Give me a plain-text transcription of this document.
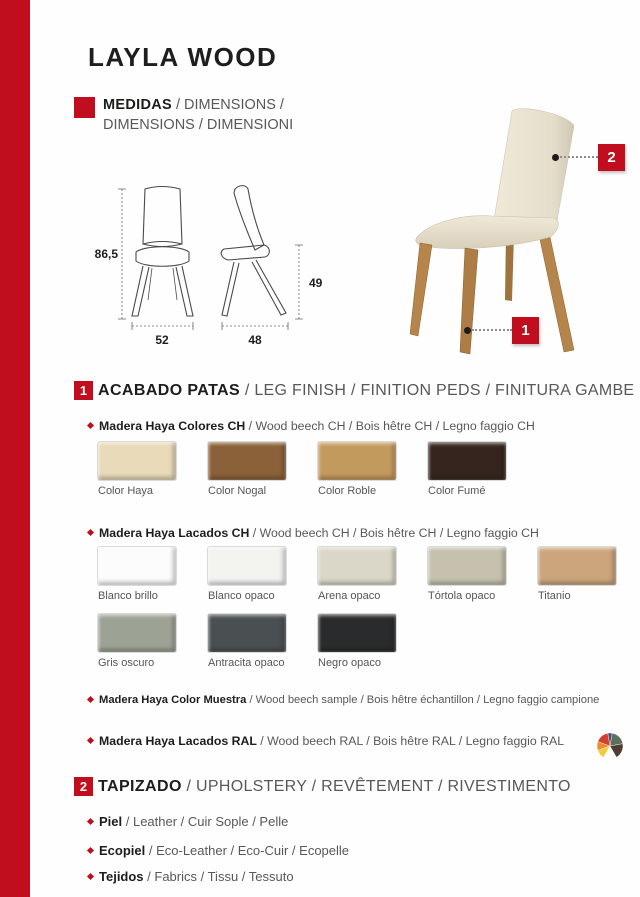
LAYLA WOOD
MEDIDAS / DIMENSIONS /
DIMENSIONS / DIMENSIONI
86,5
52	48
49
2
1
1 ACABADO PATAS / LEG FINISH / FINITION PEDS / FINITURA GAMBE
Madera Haya Colores CH / Wood beech CH / Bois hêtre CH / Legno faggio CH
Color Haya	Color Nogal	Color Roble	Color Fumé
Madera Haya Lacados CH / Wood beech CH / Bois hêtre CH / Legno faggio CH
Blanco brillo	Blanco opaco	Arena opaco	Tórtola opaco	Titanio
Gris oscuro	Antracita opaco	Negro opaco
Madera Haya Color Muestra / Wood beech sample / Bois hêtre échantillon / Legno faggio campione
Madera Haya Lacados RAL / Wood beech RAL / Bois hêtre RAL / Legno faggio RAL
2 TAPIZADO / UPHOLSTERY / REVÊTEMENT / RIVESTIMENTO
Piel / Leather / Cuir Sople / Pelle
Ecopiel / Eco-Leather / Eco-Cuir / Ecopelle
Tejidos / Fabrics / Tissu / Tessuto
